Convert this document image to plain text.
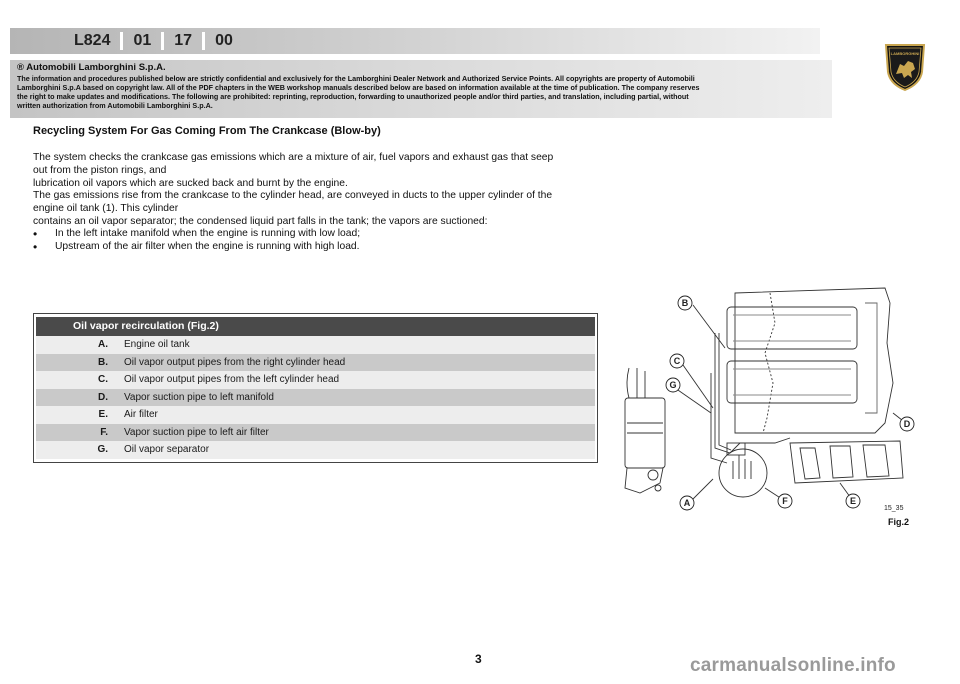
L824	01	17	00
LAMBORGHINI
® Automobili Lamborghini S.p.A.
The information and procedures published below are strictly confidential and exclusively for the Lamborghini Dealer Network and Authorized Service Points. All copyrights are property of Automobili
Lamborghini S.p.A based on copyright law. All of the PDF chapters in the WEB workshop manuals described below are based on information available at the time of publication. The company reserves
the right to make updates and modifications. The following are prohibited: reprinting, reproduction, forwarding to unauthorized people and/or third parties, and translation, including partial, without
written authorization from Automobili Lamborghini S.p.A.
Recycling System For Gas Coming From The Crankcase (Blow-by)
The system checks the crankcase gas emissions which are a mixture of air, fuel vapors and exhaust gas that seep
out from the piston rings, and
lubrication oil vapors which are sucked back and burnt by the engine.
The gas emissions rise from the crankcase to the cylinder head, are conveyed in ducts to the upper cylinder of the
engine oil tank (1). This cylinder
contains an oil vapor separator; the condensed liquid part falls in the tank; the vapors are suctioned:
•	In the left intake manifold when the engine is running with low load;
•	Upstream of the air filter when the engine is running with high load.
Oil vapor recirculation (Fig.2)
A. Engine oil tank
B. Oil vapor output pipes from the right cylinder head
C. Oil vapor output pipes from the left cylinder head
D. Vapor suction pipe to left manifold
E. Air filter
F. Vapor suction pipe to left air filter
G. Oil vapor separator
B
C
G
D
A	F	E
15_35
Fig.2
3	carmanualsonline.info
